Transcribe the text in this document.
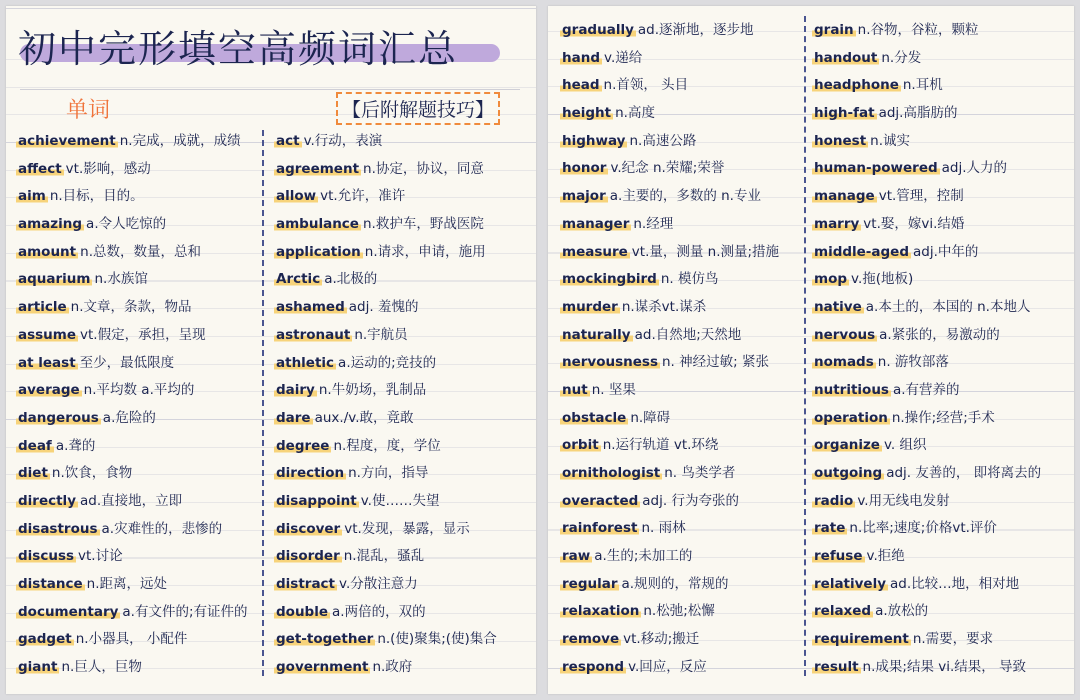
初中完形填空高频词汇总
单词	【后附解题技巧】
achievement n.完成，成就，成绩
affect vt.影响，感动
aim n.目标，目的。
amazing a.令人吃惊的
amount n.总数，数量，总和
aquarium n.水族馆
article n.文章，条款，物品
assume vt.假定，承担，呈现
at least 至少，最低限度
average n.平均数 a.平均的
dangerous a.危险的
deaf a.聋的
diet n.饮食，食物
directly ad.直接地，立即
disastrous a.灾难性的，悲惨的
discuss vt.讨论
distance n.距离，远处
documentary a.有文件的;有证件的
gadget n.小器具， 小配件
giant n.巨人，巨物
act v.行动，表演
agreement n.协定，协议，同意
allow vt.允许，准许
ambulance n.救护车，野战医院
application n.请求，申请，施用
Arctic a.北极的
ashamed adj. 羞愧的
astronaut n.宇航员
athletic a.运动的;竞技的
dairy n.牛奶场，乳制品
dare aux./v.敢，竟敢
degree n.程度，度，学位
direction n.方向，指导
disappoint v.使……失望
discover vt.发现，暴露，显示
disorder n.混乱，骚乱
distract v.分散注意力
double a.两倍的，双的
get-together n.(使)聚集;(使)集合
government n.政府
gradually ad.逐渐地，逐步地
hand v.递给
head n.首领， 头目
height n.高度
highway n.高速公路
honor v.纪念 n.荣耀;荣誉
major a.主要的，多数的 n.专业
manager n.经理
measure vt.量，测量 n.测量;措施
mockingbird n. 模仿鸟
murder n.谋杀vt.谋杀
naturally ad.自然地;天然地
nervousness n. 神经过敏; 紧张
nut n. 坚果
obstacle n.障碍
orbit n.运行轨道 vt.环绕
ornithologist n. 鸟类学者
overacted adj. 行为夸张的
rainforest n. 雨林
raw a.生的;未加工的
regular a.规则的，常规的
relaxation n.松弛;松懈
remove vt.移动;搬迁
respond v.回应，反应
grain n.谷物，谷粒，颗粒
handout n.分发
headphone n.耳机
high-fat adj.高脂肪的
honest n.诚实
human-powered adj.人力的
manage vt.管理，控制
marry vt.娶，嫁vi.结婚
middle-aged adj.中年的
mop v.拖(地板)
native a.本土的，本国的 n.本地人
nervous a.紧张的，易激动的
nomads n. 游牧部落
nutritious a.有营养的
operation n.操作;经营;手术
organize v. 组织
outgoing adj. 友善的， 即将离去的
radio v.用无线电发射
rate n.比率;速度;价格vt.评价
refuse v.拒绝
relatively ad.比较…地，相对地
relaxed a.放松的
requirement n.需要，要求
result n.成果;结果 vi.结果， 导致
